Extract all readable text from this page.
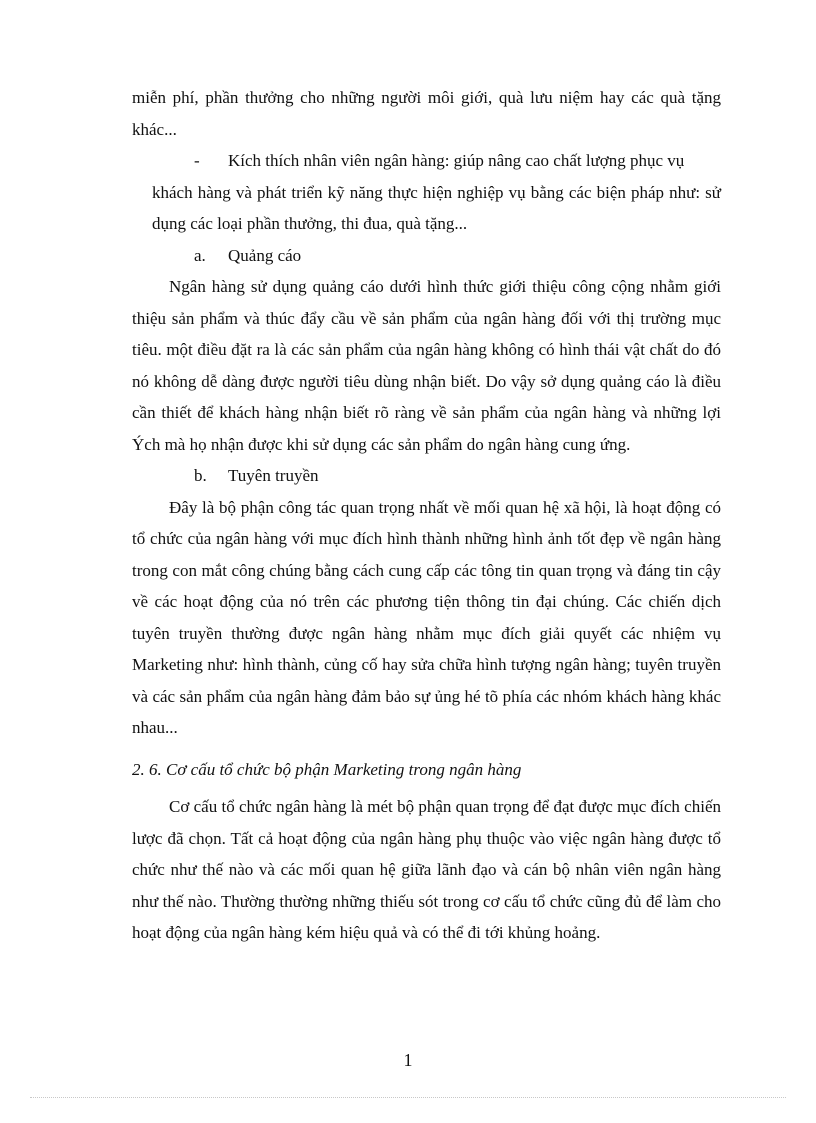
miễn phí, phần thưởng cho những người môi giới, quà lưu niệm hay các quà tặng khác...

-	Kích thích nhân viên ngân hàng: giúp nâng cao chất lượng phục vụ

khách hàng và phát triển kỹ năng thực hiện nghiệp vụ bằng các biện pháp như: sử dụng các loại phần thưởng, thi đua, quà tặng...

a.	Quảng cáo

Ngân hàng sử dụng quảng cáo dưới hình thức giới thiệu công cộng nhằm giới thiệu sản phẩm và thúc đẩy cầu về sản phẩm của ngân hàng đối với thị trường mục tiêu. một điều đặt ra là các sản phẩm của ngân hàng không có hình thái vật chất do đó nó không dễ dàng được người tiêu dùng nhận biết. Do vậy sở dụng quảng cáo là điều cần thiết để khách hàng nhận biết rõ ràng về sản phẩm của ngân hàng và những lợi Ých mà họ nhận được khi sử dụng các sản phẩm do ngân hàng cung ứng.

b.	Tuyên truyền

Đây là bộ phận công tác quan trọng nhất về mối quan hệ xã hội, là hoạt động có tổ chức của ngân hàng với mục đích hình thành những hình ảnh tốt đẹp về ngân hàng trong con mắt công chúng bằng cách cung cấp các tông tin quan trọng và đáng tin cậy về các hoạt động của nó trên các phương tiện thông tin đại chúng. Các chiến dịch tuyên truyền thường được ngân hàng nhằm mục đích giải quyết các nhiệm vụ Marketing như: hình thành, củng cố hay sửa chữa hình tượng ngân hàng; tuyên truyền và các sản phẩm của ngân hàng đảm bảo sự ủng hé tõ phía các nhóm khách hàng khác nhau...

2. 6. Cơ cấu tổ chức bộ phận Marketing trong ngân hàng

Cơ cấu tổ chức ngân hàng là mét bộ phận quan trọng để đạt được mục đích chiến lược đã chọn. Tất cả hoạt động của ngân hàng phụ thuộc vào việc ngân hàng được tổ chức như thế nào và các mối quan hệ giữa lãnh đạo và cán bộ nhân viên ngân hàng như thế nào. Thường thường những thiếu sót trong cơ cấu tổ chức cũng đủ để làm cho hoạt động của ngân hàng kém hiệu quả và có thể đi tới khủng hoảng.

1
